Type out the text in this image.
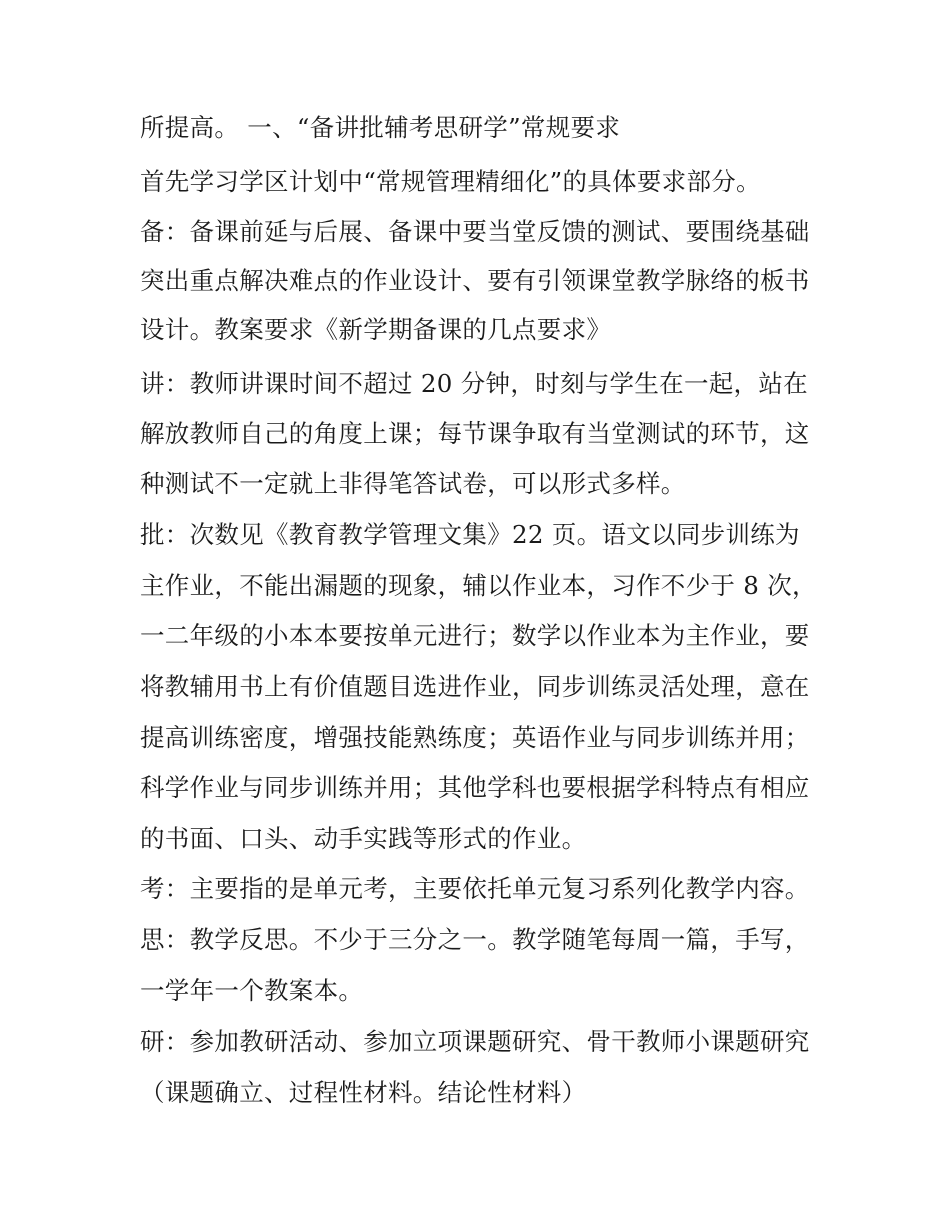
所提高。 一、“备讲批辅考思研学”常规要求
首先学习学区计划中“常规管理精细化”的具体要求部分。
备：备课前延与后展、备课中要当堂反馈的测试、要围绕基础
突出重点解决难点的作业设计、要有引领课堂教学脉络的板书
设计。教案要求《新学期备课的几点要求》
讲：教师讲课时间不超过 20 分钟，时刻与学生在一起，站在
解放教师自己的角度上课；每节课争取有当堂测试的环节，这
种测试不一定就上非得笔答试卷，可以形式多样。
批：次数见《教育教学管理文集》22 页。语文以同步训练为
主作业，不能出漏题的现象，辅以作业本，习作不少于 8 次，
一二年级的小本本要按单元进行；数学以作业本为主作业，要
将教辅用书上有价值题目选进作业，同步训练灵活处理，意在
提高训练密度，增强技能熟练度；英语作业与同步训练并用；
科学作业与同步训练并用；其他学科也要根据学科特点有相应
的书面、口头、动手实践等形式的作业。
考：主要指的是单元考，主要依托单元复习系列化教学内容。
思：教学反思。不少于三分之一。教学随笔每周一篇，手写，
一学年一个教案本。
研：参加教研活动、参加立项课题研究、骨干教师小课题研究
（课题确立、过程性材料。结论性材料）
